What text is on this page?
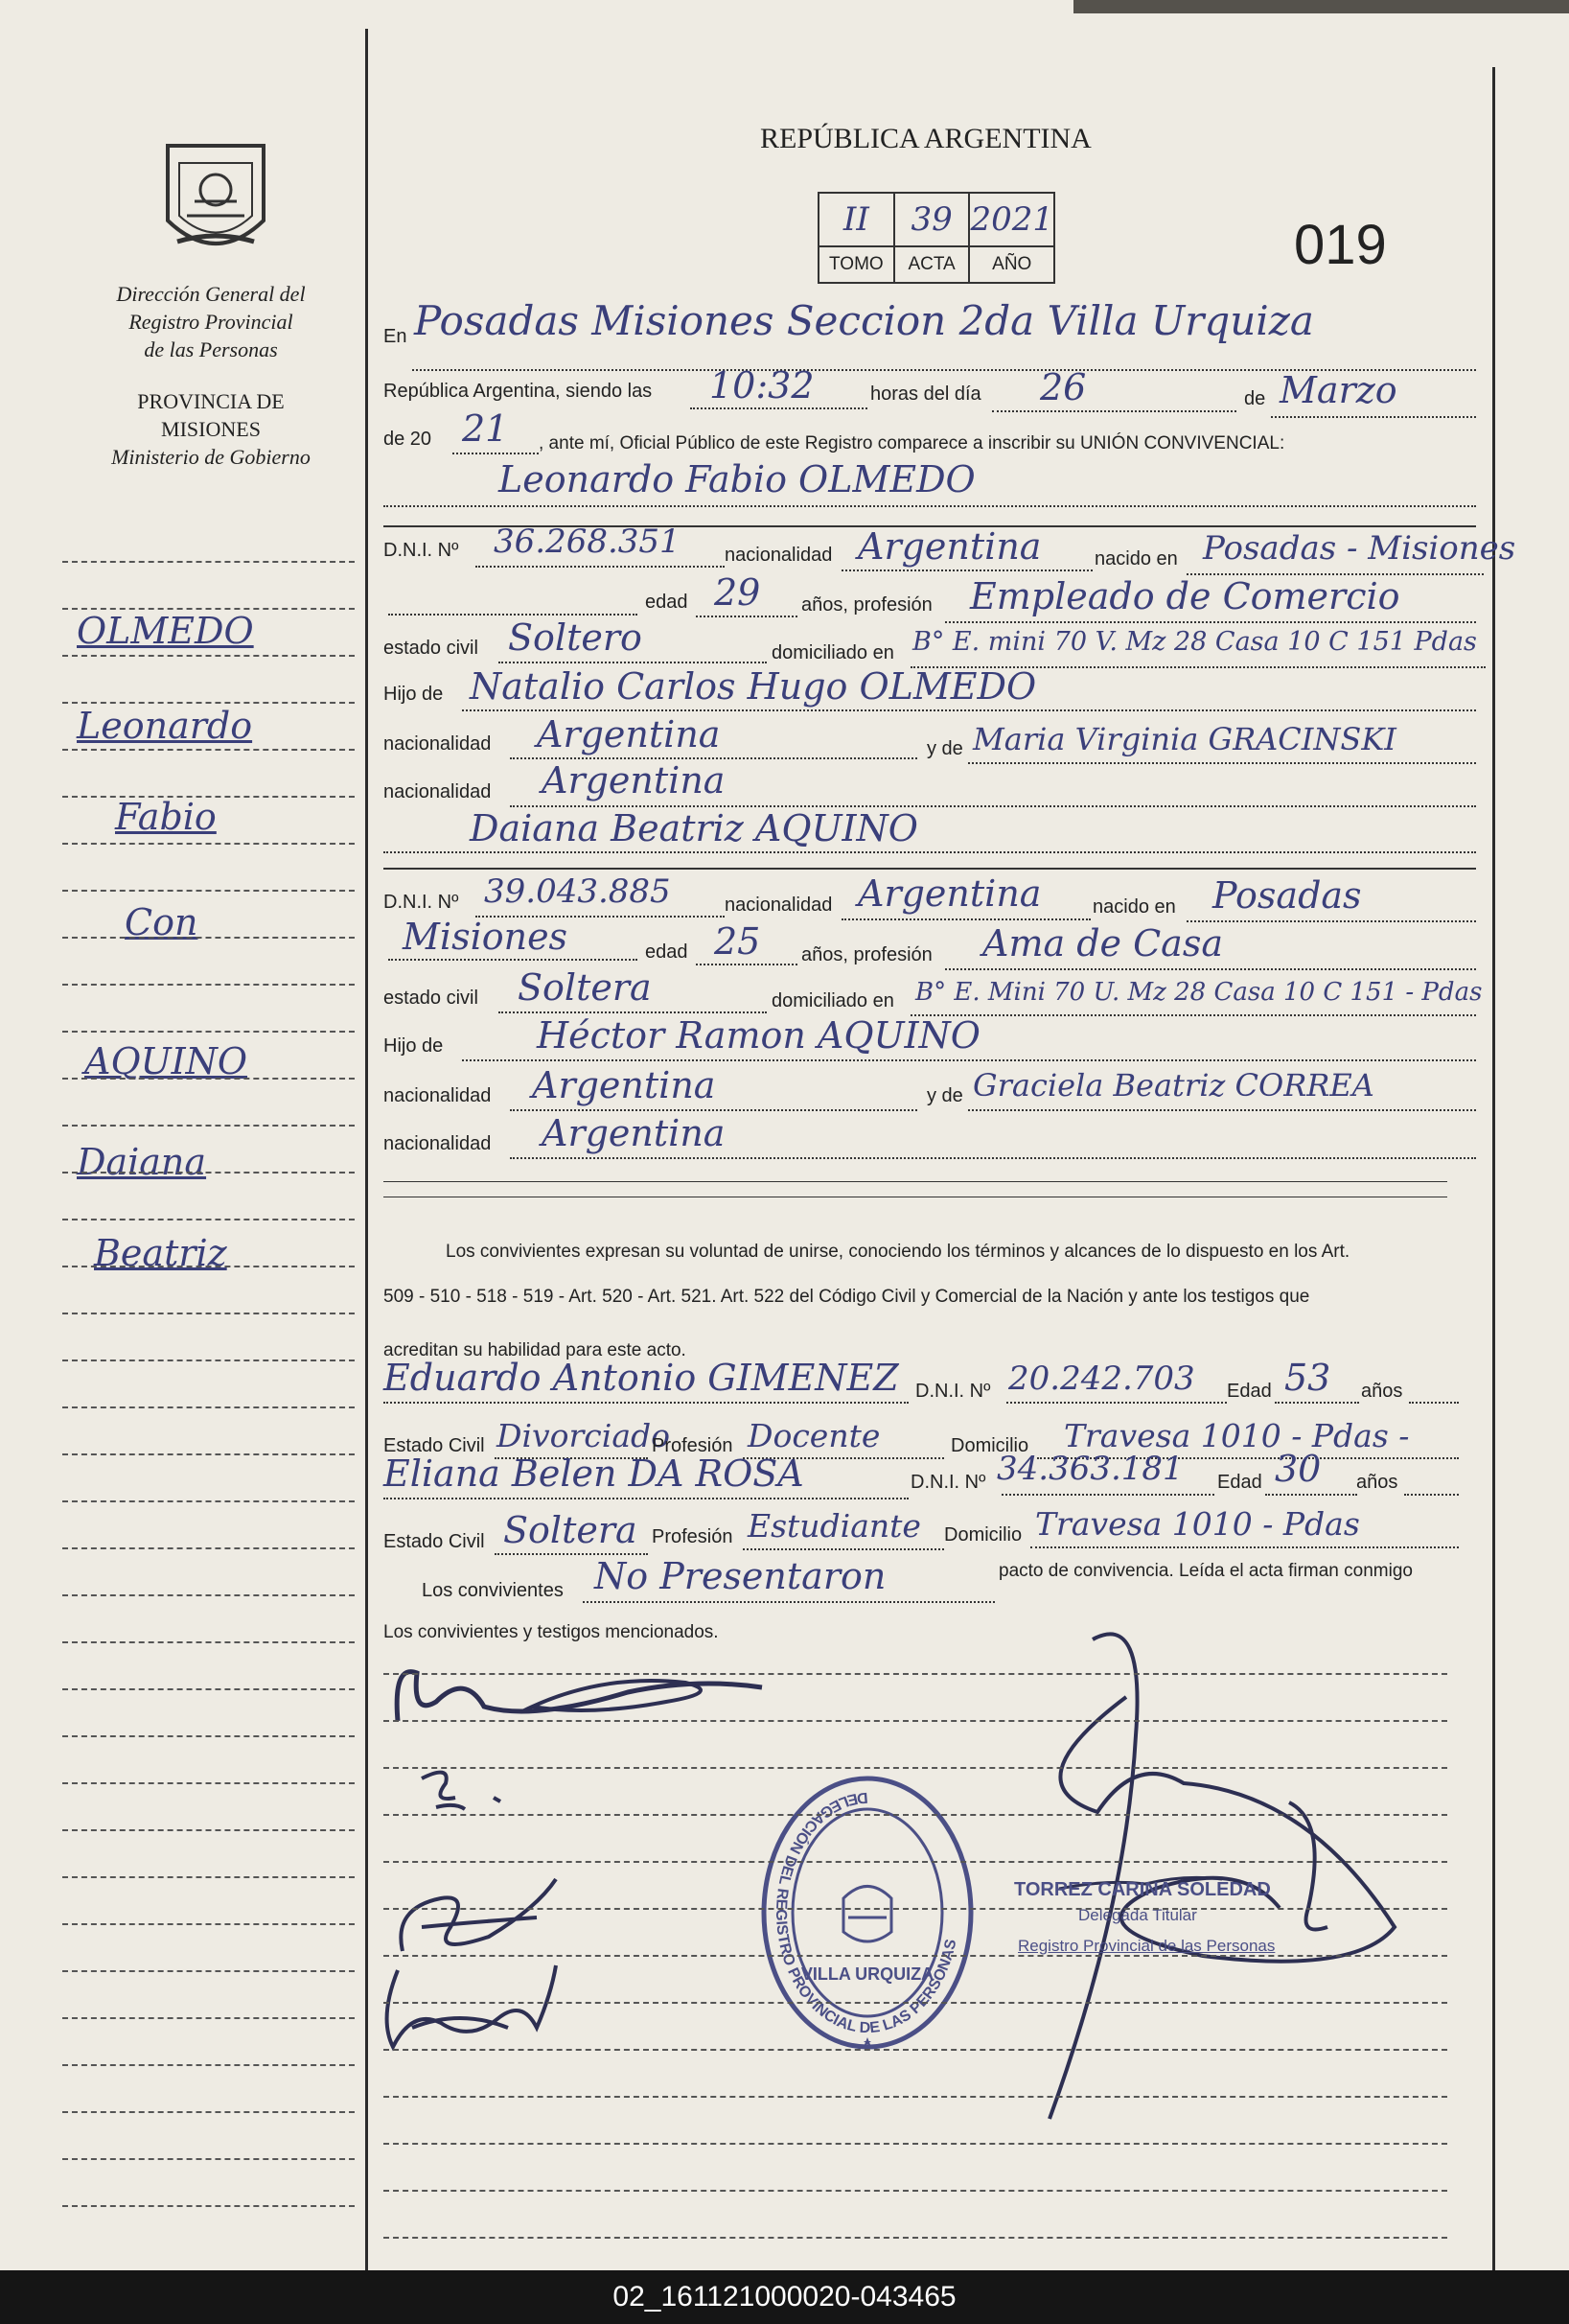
Dirección General del
Registro Provincial
de las Personas
PROVINCIA DE
MISIONES
Ministerio de Gobierno
OLMEDO
Leonardo
Fabio
Con
AQUINO
Daiana
Beatriz
REPÚBLICA ARGENTINA
II	39 2021
TOMO	ACTA	AÑO	019
En Posadas Misiones Seccion 2da Villa Urquiza
República Argentina, siendo las 10:32	horas del día 26	de Marzo
de 20 21 , ante mí, Oficial Público de este Registro comparece a inscribir su UNIÓN CONVIVENCIAL:
Leonardo Fabio OLMEDO
D.N.I. Nº 36.268.351 nacionalidad Argentina	nacido en Posadas - Misiones
edad 29 años, profesión Empleado de Comercio
estado civil Soltero	domiciliado en B° E. mini 70 V. Mz 28 Casa 10 C 151 Pdas
Hijo de Natalio Carlos Hugo OLMEDO
nacionalidad Argentina	y de Maria Virginia GRACINSKI
nacionalidad Argentina
Daiana Beatriz AQUINO
D.N.I. Nº 39.043.885	nacionalidad Argentina	nacido en Posadas
Misiones	edad 25 años, profesión Ama de Casa
estado civil Soltera	domiciliado en B° E. Mini 70 U. Mz 28 Casa 10 C 151 - Pdas
Hijo de	Héctor Ramon AQUINO
nacionalidad Argentina	y de Graciela Beatriz CORREA
nacionalidad Argentina
Los convivientes expresan su voluntad de unirse, conociendo los términos y alcances de lo dispuesto en los Art.
509 - 510 - 518 - 519 - Art. 520 - Art. 521. Art. 522 del Código Civil y Comercial de la Nación y ante los testigos que
acreditan su habilidad para este acto.
Eduardo Antonio GIMENEZ D.N.I. Nº 20.242.703 Edad 53 años
Estado Civil Divorciado
Profesión Docente	Domicilio Travesa 1010 - Pdas -
Eliana Belen DA ROSA	D.N.I. Nº 34.363.181 Edad 30 años
Estado Civil Soltera Profesión Estudiante Domicilio Travesa 1010 - Pdas
Los convivientes No Presentaron	pacto de convivencia. Leída el acta firman conmigo
Los convivientes y testigos mencionados.
DELEGACIÓN DEL REGISTRO PROVINCIAL DE LAS PERSONAS
VILLA URQUIZA
TORREZ CARINA SOLEDAD
Delegada Titular
Registro Provincial de las Personas
02_161121000020-043465
